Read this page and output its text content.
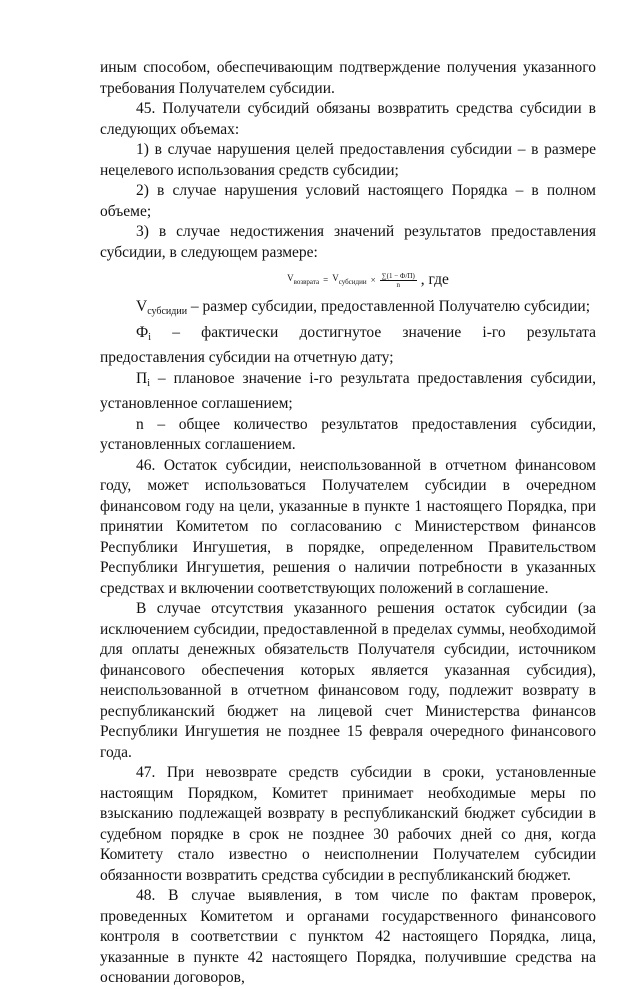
иным способом, обеспечивающим подтверждение получения указанного требования Получателем субсидии.

45. Получатели субсидий обязаны возвратить средства субсидии в следующих объемах:

1) в случае нарушения целей предоставления субсидии – в размере нецелевого использования средств субсидии;

2) в случае нарушения условий настоящего Порядка – в полном объеме;

3) в случае недостижения значений результатов предоставления субсидии, в следующем размере:

$V_{возврата} = V_{субсидии} \times \frac{\sum(1 - Ф/П)}{n}$ , где

$V_{субсидии}$ – размер субсидии, предоставленной Получателю субсидии;

$Ф_i$ – фактически достигнутое значение i-го результата предоставления субсидии на отчетную дату;

$П_i$ – плановое значение i-го результата предоставления субсидии, установленное соглашением;

n – общее количество результатов предоставления субсидии, установленных соглашением.

46. Остаток субсидии, неиспользованной в отчетном финансовом году, может использоваться Получателем субсидии в очередном финансовом году на цели, указанные в пункте 1 настоящего Порядка, при принятии Комитетом по согласованию с Министерством финансов Республики Ингушетия, в порядке, определенном Правительством Республики Ингушетия, решения о наличии потребности в указанных средствах и включении соответствующих положений в соглашение.

В случае отсутствия указанного решения остаток субсидии (за исключением субсидии, предоставленной в пределах суммы, необходимой для оплаты денежных обязательств Получателя субсидии, источником финансового обеспечения которых является указанная субсидия), неиспользованной в отчетном финансовом году, подлежит возврату в республиканский бюджет на лицевой счет Министерства финансов Республики Ингушетия не позднее 15 февраля очередного финансового года.

47. При невозврате средств субсидии в сроки, установленные настоящим Порядком, Комитет принимает необходимые меры по взысканию подлежащей возврату в республиканский бюджет субсидии в судебном порядке в срок не позднее 30 рабочих дней со дня, когда Комитету стало известно о неисполнении Получателем субсидии обязанности возвратить средства субсидии в республиканский бюджет.

48. В случае выявления, в том числе по фактам проверок, проведенных Комитетом и органами государственного финансового контроля в соответствии с пунктом 42 настоящего Порядка, лица, указанные в пункте 42 настоящего Порядка, получившие средства на основании договоров,
